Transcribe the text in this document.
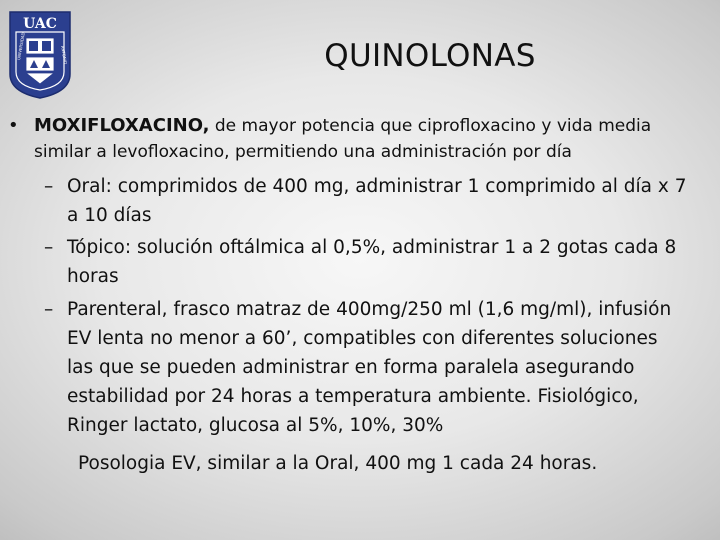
UAC
UNIVERSIDAD	ANTONIO	QUINOLONAS
• MOXIFLOXACINO, de mayor potencia que ciprofloxacino y vida media
similar a levofloxacino, permitiendo una administración por día
– Oral: comprimidos de 400 mg, administrar 1 comprimido al día x 7
a 10 días
– Tópico: solución oftálmica al 0,5%, administrar 1 a 2 gotas cada 8
horas
– Parenteral, frasco matraz de 400mg/250 ml (1,6 mg/ml), infusión
EV lenta no menor a 60’, compatibles con diferentes soluciones
las que se pueden administrar en forma paralela asegurando
estabilidad por 24 horas a temperatura ambiente. Fisiológico,
Ringer lactato, glucosa al 5%, 10%, 30%
Posologia EV, similar a la Oral, 400 mg 1 cada 24 horas.
